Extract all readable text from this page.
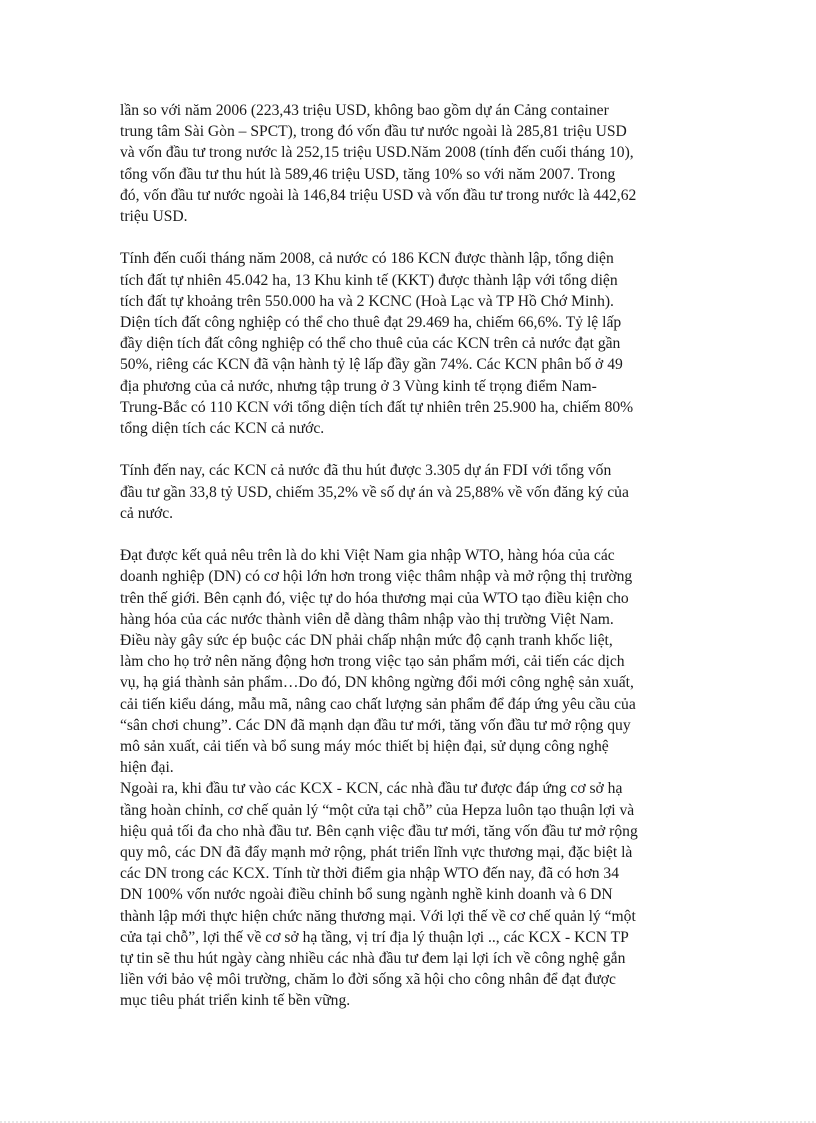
lần so với năm 2006 (223,43 triệu USD, không bao gồm dự án Cảng container
trung tâm Sài Gòn – SPCT), trong đó vốn đầu tư nước ngoài là 285,81 triệu USD
và vốn đầu tư trong nước là 252,15 triệu USD.Năm 2008 (tính đến cuối tháng 10),
tổng vốn đầu tư thu hút là 589,46 triệu USD, tăng 10% so với năm 2007. Trong
đó, vốn đầu tư nước ngoài là 146,84 triệu USD và vốn đầu tư trong nước là 442,62
triệu USD.

Tính đến cuối tháng năm 2008, cả nước có 186 KCN được thành lập, tổng diện
tích đất tự nhiên 45.042 ha, 13 Khu kinh tế (KKT) được thành lập với tổng diện
tích đất tự khoảng trên 550.000 ha và 2 KCNC (Hoà Lạc và TP Hồ Chớ Minh).
Diện tích đất công nghiệp có thể cho thuê đạt 29.469 ha, chiếm 66,6%. Tỷ lệ lấp
đầy diện tích đất công nghiệp có thể cho thuê của các KCN trên cả nước đạt gần
50%, riêng các KCN đã vận hành tỷ lệ lấp đầy gần 74%. Các KCN phân bố ở 49
địa phương của cả nước, nhưng tập trung ở 3 Vùng kinh tế trọng điểm Nam-
Trung-Bắc có 110 KCN với tổng diện tích đất tự nhiên trên 25.900 ha, chiếm 80%
tổng diện tích các KCN cả nước.

Tính đến nay, các KCN cả nước đã thu hút được 3.305 dự án FDI với tổng vốn
đầu tư gần 33,8 tỷ USD, chiếm 35,2% về số dự án và 25,88% về vốn đăng ký của
cả nước.

Đạt được kết quả nêu trên là do khi Việt Nam gia nhập WTO, hàng hóa của các
doanh nghiệp (DN) có cơ hội lớn hơn trong việc thâm nhập và mở rộng thị trường
trên thế giới. Bên cạnh đó, việc tự do hóa thương mại của WTO tạo điều kiện cho
hàng hóa của các nước thành viên dễ dàng thâm nhập vào thị trường Việt Nam.
Điều này gây sức ép buộc các DN phải chấp nhận mức độ cạnh tranh khốc liệt,
làm cho họ trở nên năng động hơn trong việc tạo sản phẩm mới, cải tiến các dịch
vụ, hạ giá thành sản phẩm…Do đó, DN không ngừng đổi mới công nghệ sản xuất,
cải tiến kiểu dáng, mẫu mã, nâng cao chất lượng sản phẩm để đáp ứng yêu cầu của
“sân chơi chung”. Các DN đã mạnh dạn đầu tư mới, tăng vốn đầu tư mở rộng quy
mô sản xuất, cải tiến và bổ sung máy móc thiết bị hiện đại, sử dụng công nghệ
hiện đại.

Ngoài ra, khi đầu tư vào các KCX - KCN, các nhà đầu tư được đáp ứng cơ sở hạ
tầng hoàn chỉnh, cơ chế quản lý “một cửa tại chỗ” của Hepza luôn tạo thuận lợi và
hiệu quả tối đa cho nhà đầu tư. Bên cạnh việc đầu tư mới, tăng vốn đầu tư mở rộng
quy mô, các DN đã đẩy mạnh mở rộng, phát triển lĩnh vực thương mại, đặc biệt là
các DN trong các KCX. Tính từ thời điểm gia nhập WTO đến nay, đã có hơn 34
DN 100% vốn nước ngoài điều chỉnh bổ sung ngành nghề kinh doanh và 6 DN
thành lập mới thực hiện chức năng thương mại. Với lợi thế về cơ chế quản lý “một
cửa tại chỗ”, lợi thế về cơ sở hạ tầng, vị trí địa lý thuận lợi .., các KCX - KCN TP
tự tin sẽ thu hút ngày càng nhiều các nhà đầu tư đem lại lợi ích về công nghệ gắn
liền với bảo vệ môi trường, chăm lo đời sống xã hội cho công nhân để đạt được
mục tiêu phát triển kinh tế bền vững.
